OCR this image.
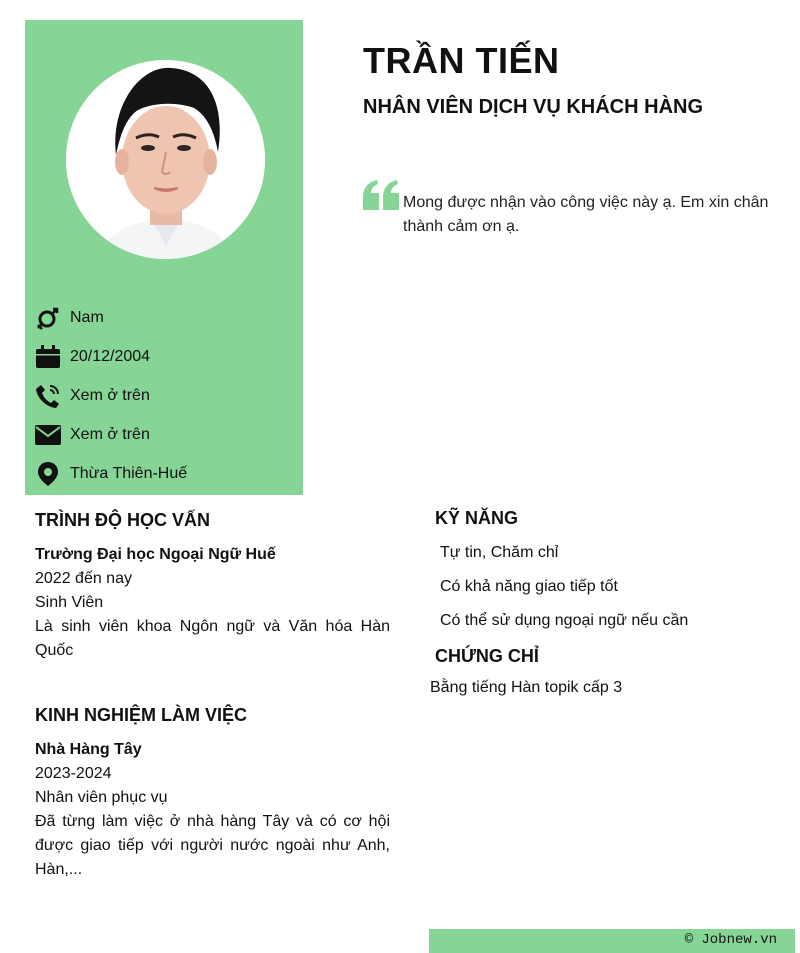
Nam
20/12/2004
Xem ở trên
Xem ở trên
Thừa Thiên-Huế
TRẦN TIẾN
NHÂN VIÊN DỊCH VỤ KHÁCH HÀNG

Mong được nhận vào công việc này ạ. Em xin chân thành cảm ơn ạ.

TRÌNH ĐỘ HỌC VẤN
Trường Đại học Ngoại Ngữ Huế
2022 đến nay
Sinh Viên
Là sinh viên khoa Ngôn ngữ và Văn hóa Hàn Quốc
KINH NGHIỆM LÀM VIỆC
Nhà Hàng Tây
2023-2024
Nhân viên phục vụ
Đã từng làm việc ở nhà hàng Tây và có cơ hội được giao tiếp với người nước ngoài như Anh, Hàn,...
KỸ NĂNG
Tự tin, Chăm chỉ
Có khả năng giao tiếp tốt
Có thể sử dụng ngoại ngữ nếu cần
CHỨNG CHỈ
Bằng tiếng Hàn topik cấp 3
© Jobnew.vn
